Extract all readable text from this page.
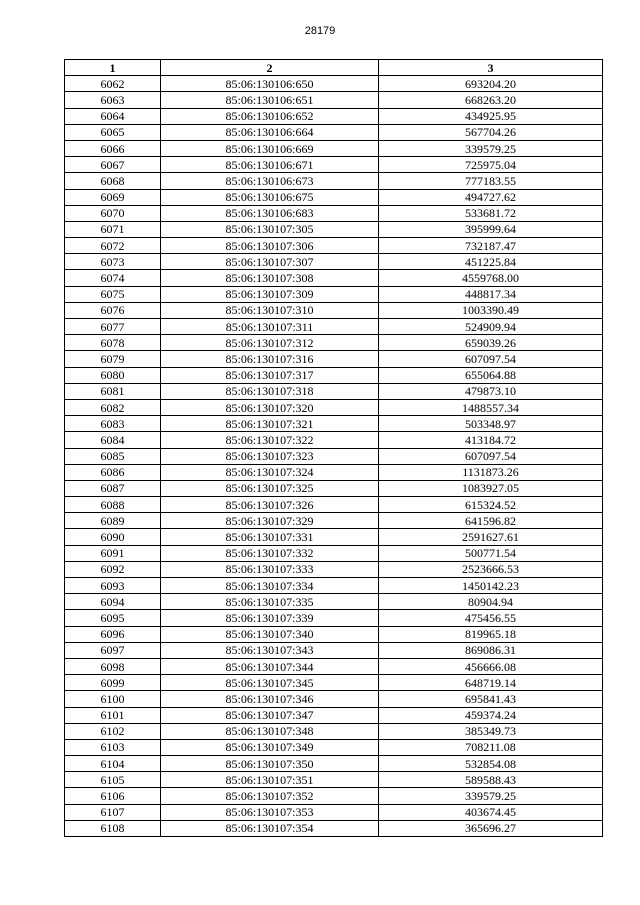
28179
1	2	3
6062	85:06:130106:650	693204.20
6063	85:06:130106:651	668263.20
6064	85:06:130106:652	434925.95
6065	85:06:130106:664	567704.26
6066	85:06:130106:669	339579.25
6067	85:06:130106:671	725975.04
6068	85:06:130106:673	777183.55
6069	85:06:130106:675	494727.62
6070	85:06:130106:683	533681.72
6071	85:06:130107:305	395999.64
6072	85:06:130107:306	732187.47
6073	85:06:130107:307	451225.84
6074	85:06:130107:308	4559768.00
6075	85:06:130107:309	448817.34
6076	85:06:130107:310	1003390.49
6077	85:06:130107:311	524909.94
6078	85:06:130107:312	659039.26
6079	85:06:130107:316	607097.54
6080	85:06:130107:317	655064.88
6081	85:06:130107:318	479873.10
6082	85:06:130107:320	1488557.34
6083	85:06:130107:321	503348.97
6084	85:06:130107:322	413184.72
6085	85:06:130107:323	607097.54
6086	85:06:130107:324	1131873.26
6087	85:06:130107:325	1083927.05
6088	85:06:130107:326	615324.52
6089	85:06:130107:329	641596.82
6090	85:06:130107:331	2591627.61
6091	85:06:130107:332	500771.54
6092	85:06:130107:333	2523666.53
6093	85:06:130107:334	1450142.23
6094	85:06:130107:335	80904.94
6095	85:06:130107:339	475456.55
6096	85:06:130107:340	819965.18
6097	85:06:130107:343	869086.31
6098	85:06:130107:344	456666.08
6099	85:06:130107:345	648719.14
6100	85:06:130107:346	695841.43
6101	85:06:130107:347	459374.24
6102	85:06:130107:348	385349.73
6103	85:06:130107:349	708211.08
6104	85:06:130107:350	532854.08
6105	85:06:130107:351	589588.43
6106	85:06:130107:352	339579.25
6107	85:06:130107:353	403674.45
6108	85:06:130107:354	365696.27
